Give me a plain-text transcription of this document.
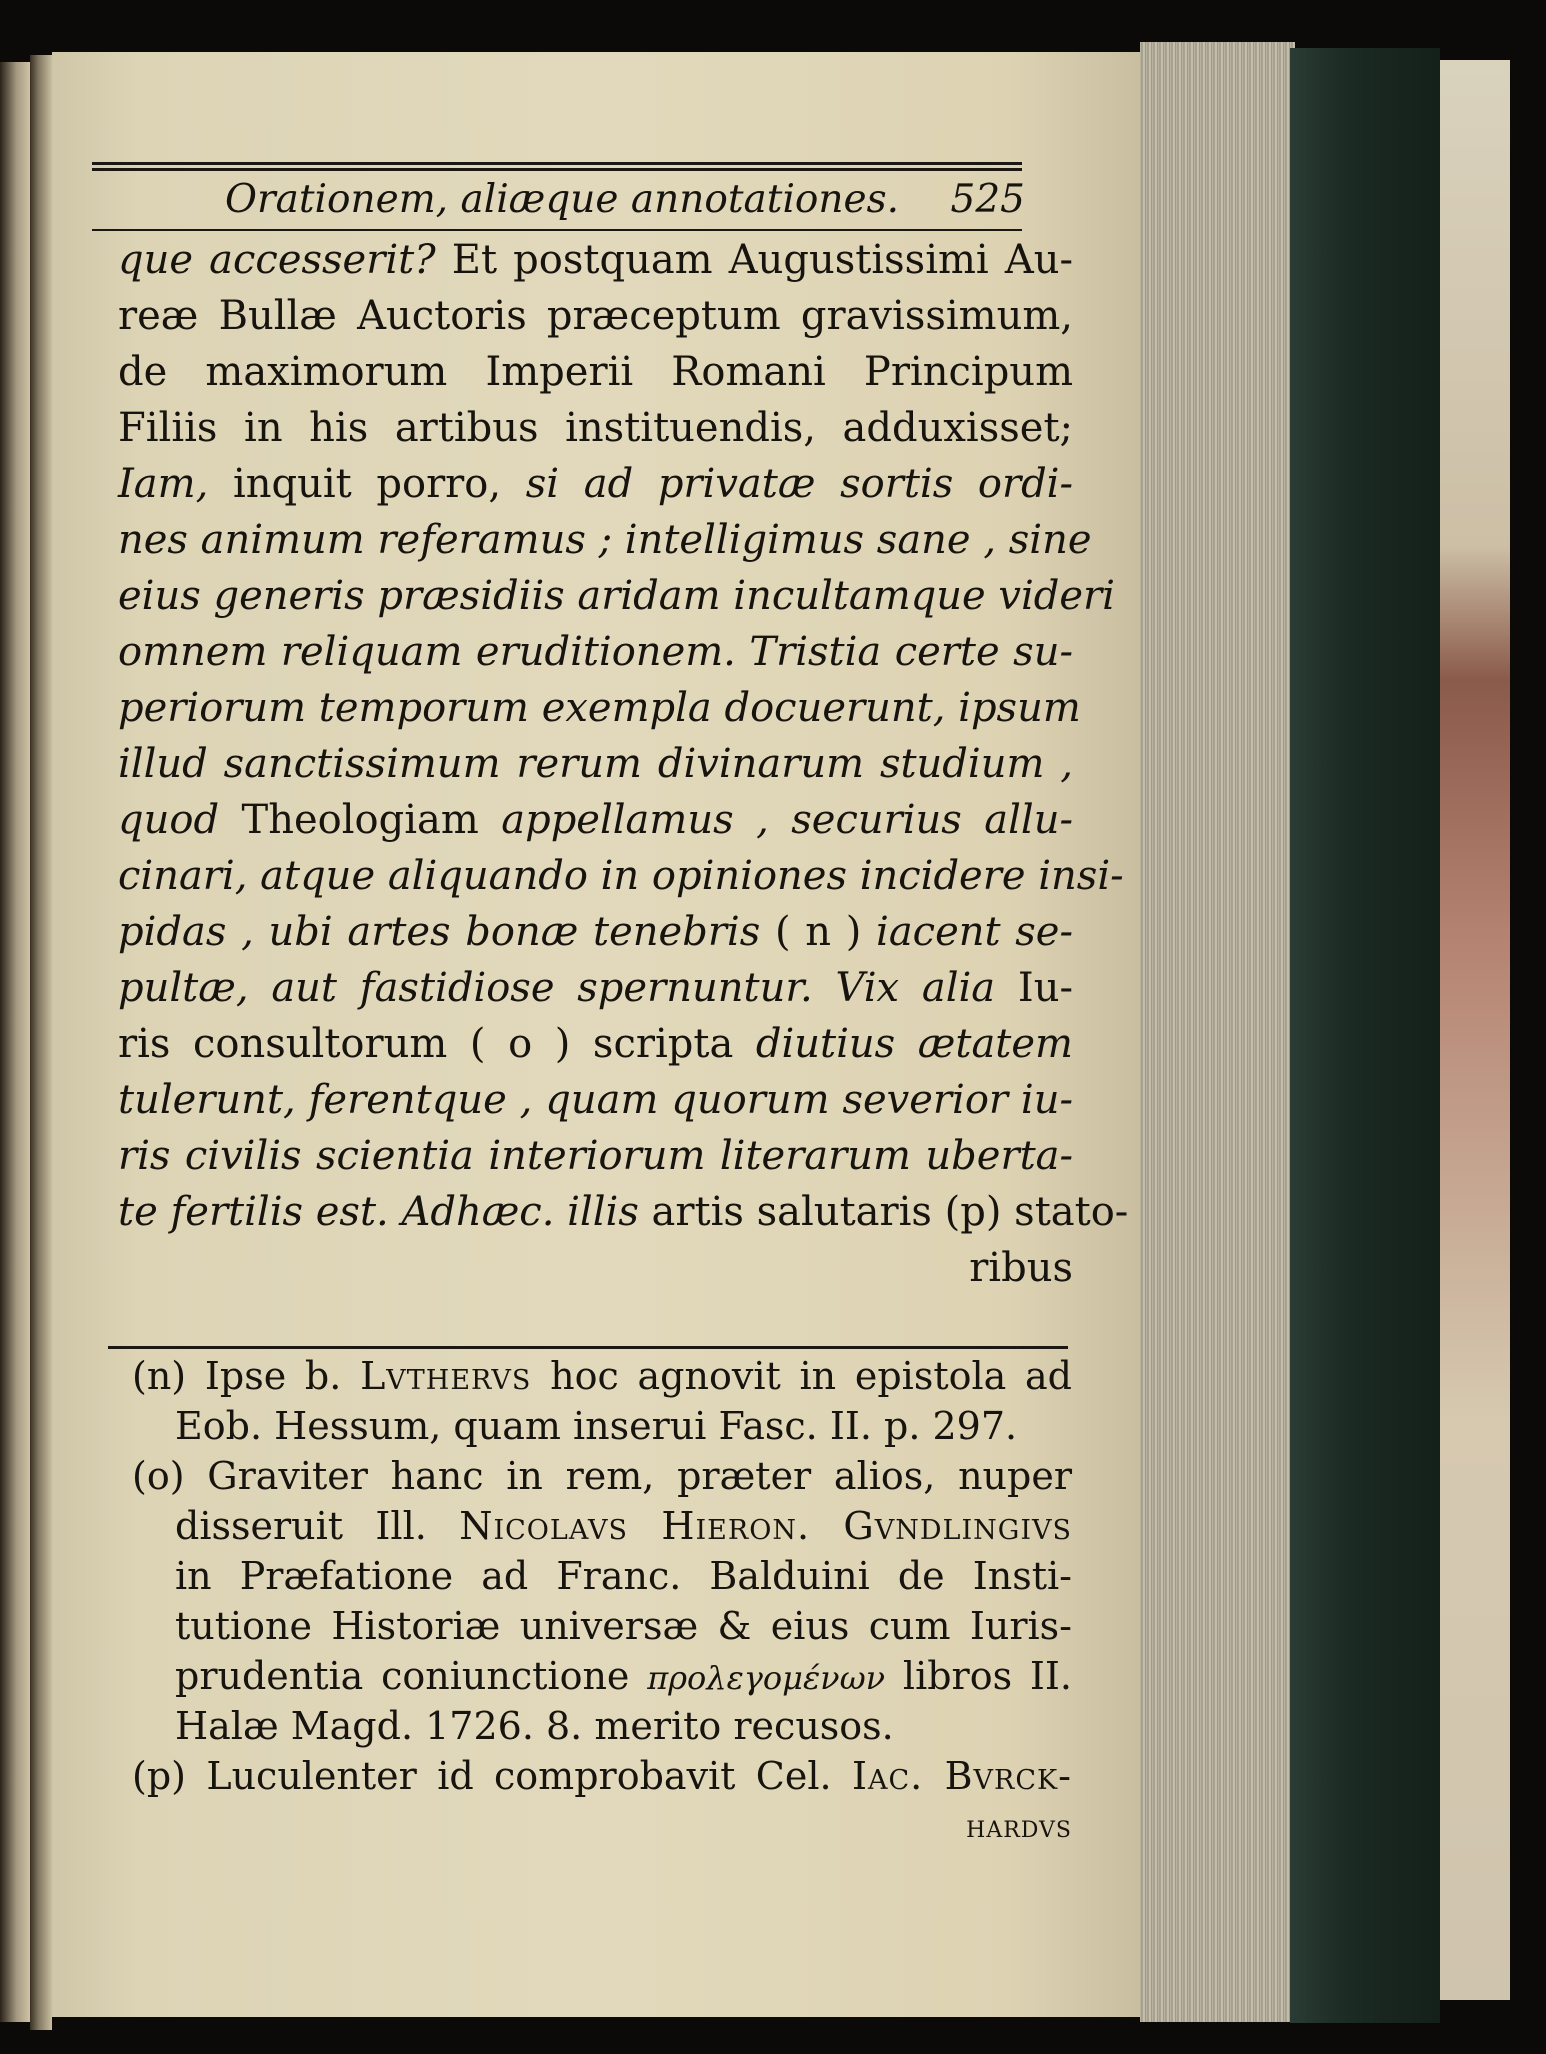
Orationem, aliæque annotationes. 525
que accesserit? Et postquam Augustissimi Au-
reæ Bullæ Auctoris præceptum gravissimum,
de maximorum Imperii Romani Principum
Filiis in his artibus instituendis, adduxisset;
Iam, inquit porro, si ad privatæ sortis ordi-
nes animum referamus ; intelligimus sane , sine
eius generis præsidiis aridam incultamque videri
omnem reliquam eruditionem. Tristia certe su-
periorum temporum exempla docuerunt, ipsum
illud sanctissimum rerum divinarum studium ,
quod Theologiam appellamus , securius allu-
cinari, atque aliquando in opiniones incidere insi-
pidas , ubi artes bonæ tenebris ( n ) iacent se-
pultæ, aut fastidiose spernuntur. Vix alia Iu-
ris consultorum ( o ) scripta diutius ætatem
tulerunt, ferentque , quam quorum severior iu-
ris civilis scientia interiorum literarum uberta-
te fertilis est. Adhæc. illis artis salutaris (p) stato-
ribus
(n) Ipse b. Lvthervs hoc agnovit in epistola ad
Eob. Hessum, quam inserui Fasc. II. p. 297.
(o) Graviter hanc in rem, præter alios, nuper
disseruit Ill. Nicolavs Hieron. Gvndlingivs
in Præfatione ad Franc. Balduini de Insti-
tutione Historiæ universæ & eius cum Iuris-
prudentia coniunctione προλεγομένων libros II.
Halæ Magd. 1726. 8. merito recusos.
(p) Luculenter id comprobavit Cel. Iac. Bvrck-
hardvs
